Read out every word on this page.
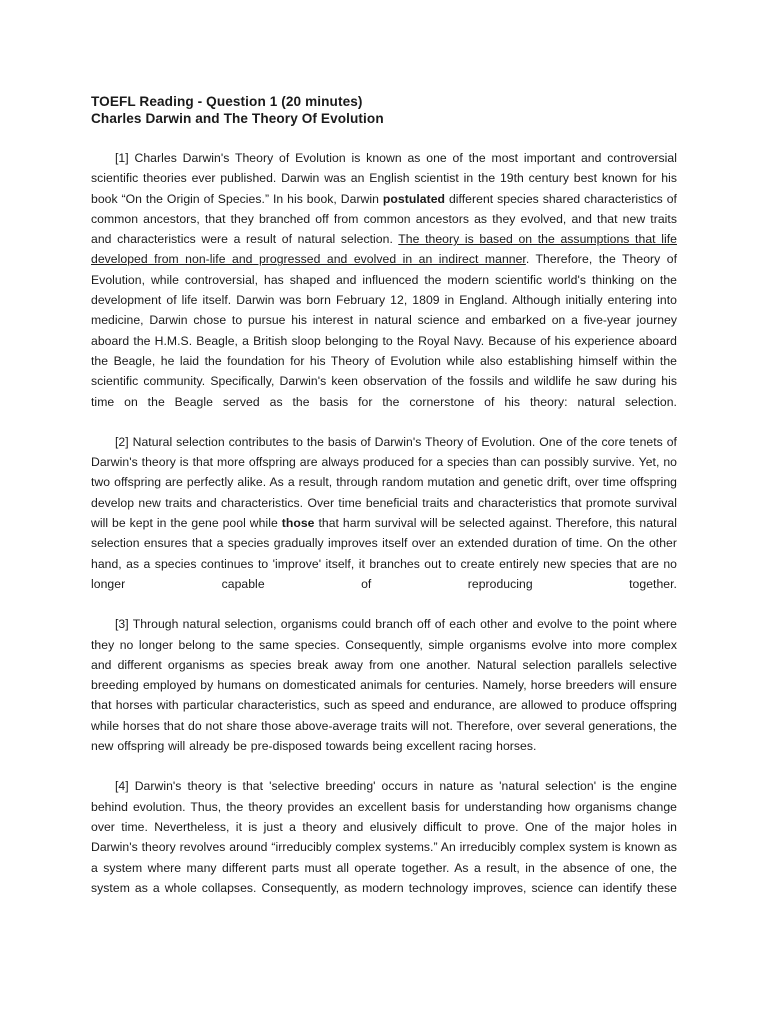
TOEFL Reading - Question 1 (20 minutes)
Charles Darwin and The Theory Of Evolution

[1] Charles Darwin's Theory of Evolution is known as one of the most important and controversial scientific theories ever published. Darwin was an English scientist in the 19th century best known for his book “On the Origin of Species.” In his book, Darwin postulated different species shared characteristics of common ancestors, that they branched off from common ancestors as they evolved, and that new traits and characteristics were a result of natural selection. The theory is based on the assumptions that life developed from non-life and progressed and evolved in an indirect manner. Therefore, the Theory of Evolution, while controversial, has shaped and influenced the modern scientific world's thinking on the development of life itself. Darwin was born February 12, 1809 in England. Although initially entering into medicine, Darwin chose to pursue his interest in natural science and embarked on a five-year journey aboard the H.M.S. Beagle, a British sloop belonging to the Royal Navy. Because of his experience aboard the Beagle, he laid the foundation for his Theory of Evolution while also establishing himself within the scientific community. Specifically, Darwin's keen observation of the fossils and wildlife he saw during his time on the Beagle served as the basis for the cornerstone of his theory: natural selection.

[2] Natural selection contributes to the basis of Darwin's Theory of Evolution. One of the core tenets of Darwin's theory is that more offspring are always produced for a species than can possibly survive. Yet, no two offspring are perfectly alike. As a result, through random mutation and genetic drift, over time offspring develop new traits and characteristics. Over time beneficial traits and characteristics that promote survival will be kept in the gene pool while those that harm survival will be selected against. Therefore, this natural selection ensures that a species gradually improves itself over an extended duration of time. On the other hand, as a species continues to 'improve' itself, it branches out to create entirely new species that are no longer capable of reproducing together.

[3] Through natural selection, organisms could branch off of each other and evolve to the point where they no longer belong to the same species. Consequently, simple organisms evolve into more complex and different organisms as species break away from one another. Natural selection parallels selective breeding employed by humans on domesticated animals for centuries. Namely, horse breeders will ensure that horses with particular characteristics, such as speed and endurance, are allowed to produce offspring while horses that do not share those above-average traits will not. Therefore, over several generations, the new offspring will already be pre-disposed towards being excellent racing horses.

[4] Darwin's theory is that 'selective breeding' occurs in nature as 'natural selection' is the engine behind evolution. Thus, the theory provides an excellent basis for understanding how organisms change over time. Nevertheless, it is just a theory and elusively difficult to prove. One of the major holes in Darwin's theory revolves around “irreducibly complex systems.” An irreducibly complex system is known as a system where many different parts must all operate together. As a result, in the absence of one, the system as a whole collapses. Consequently, as modern technology improves, science can identify these
